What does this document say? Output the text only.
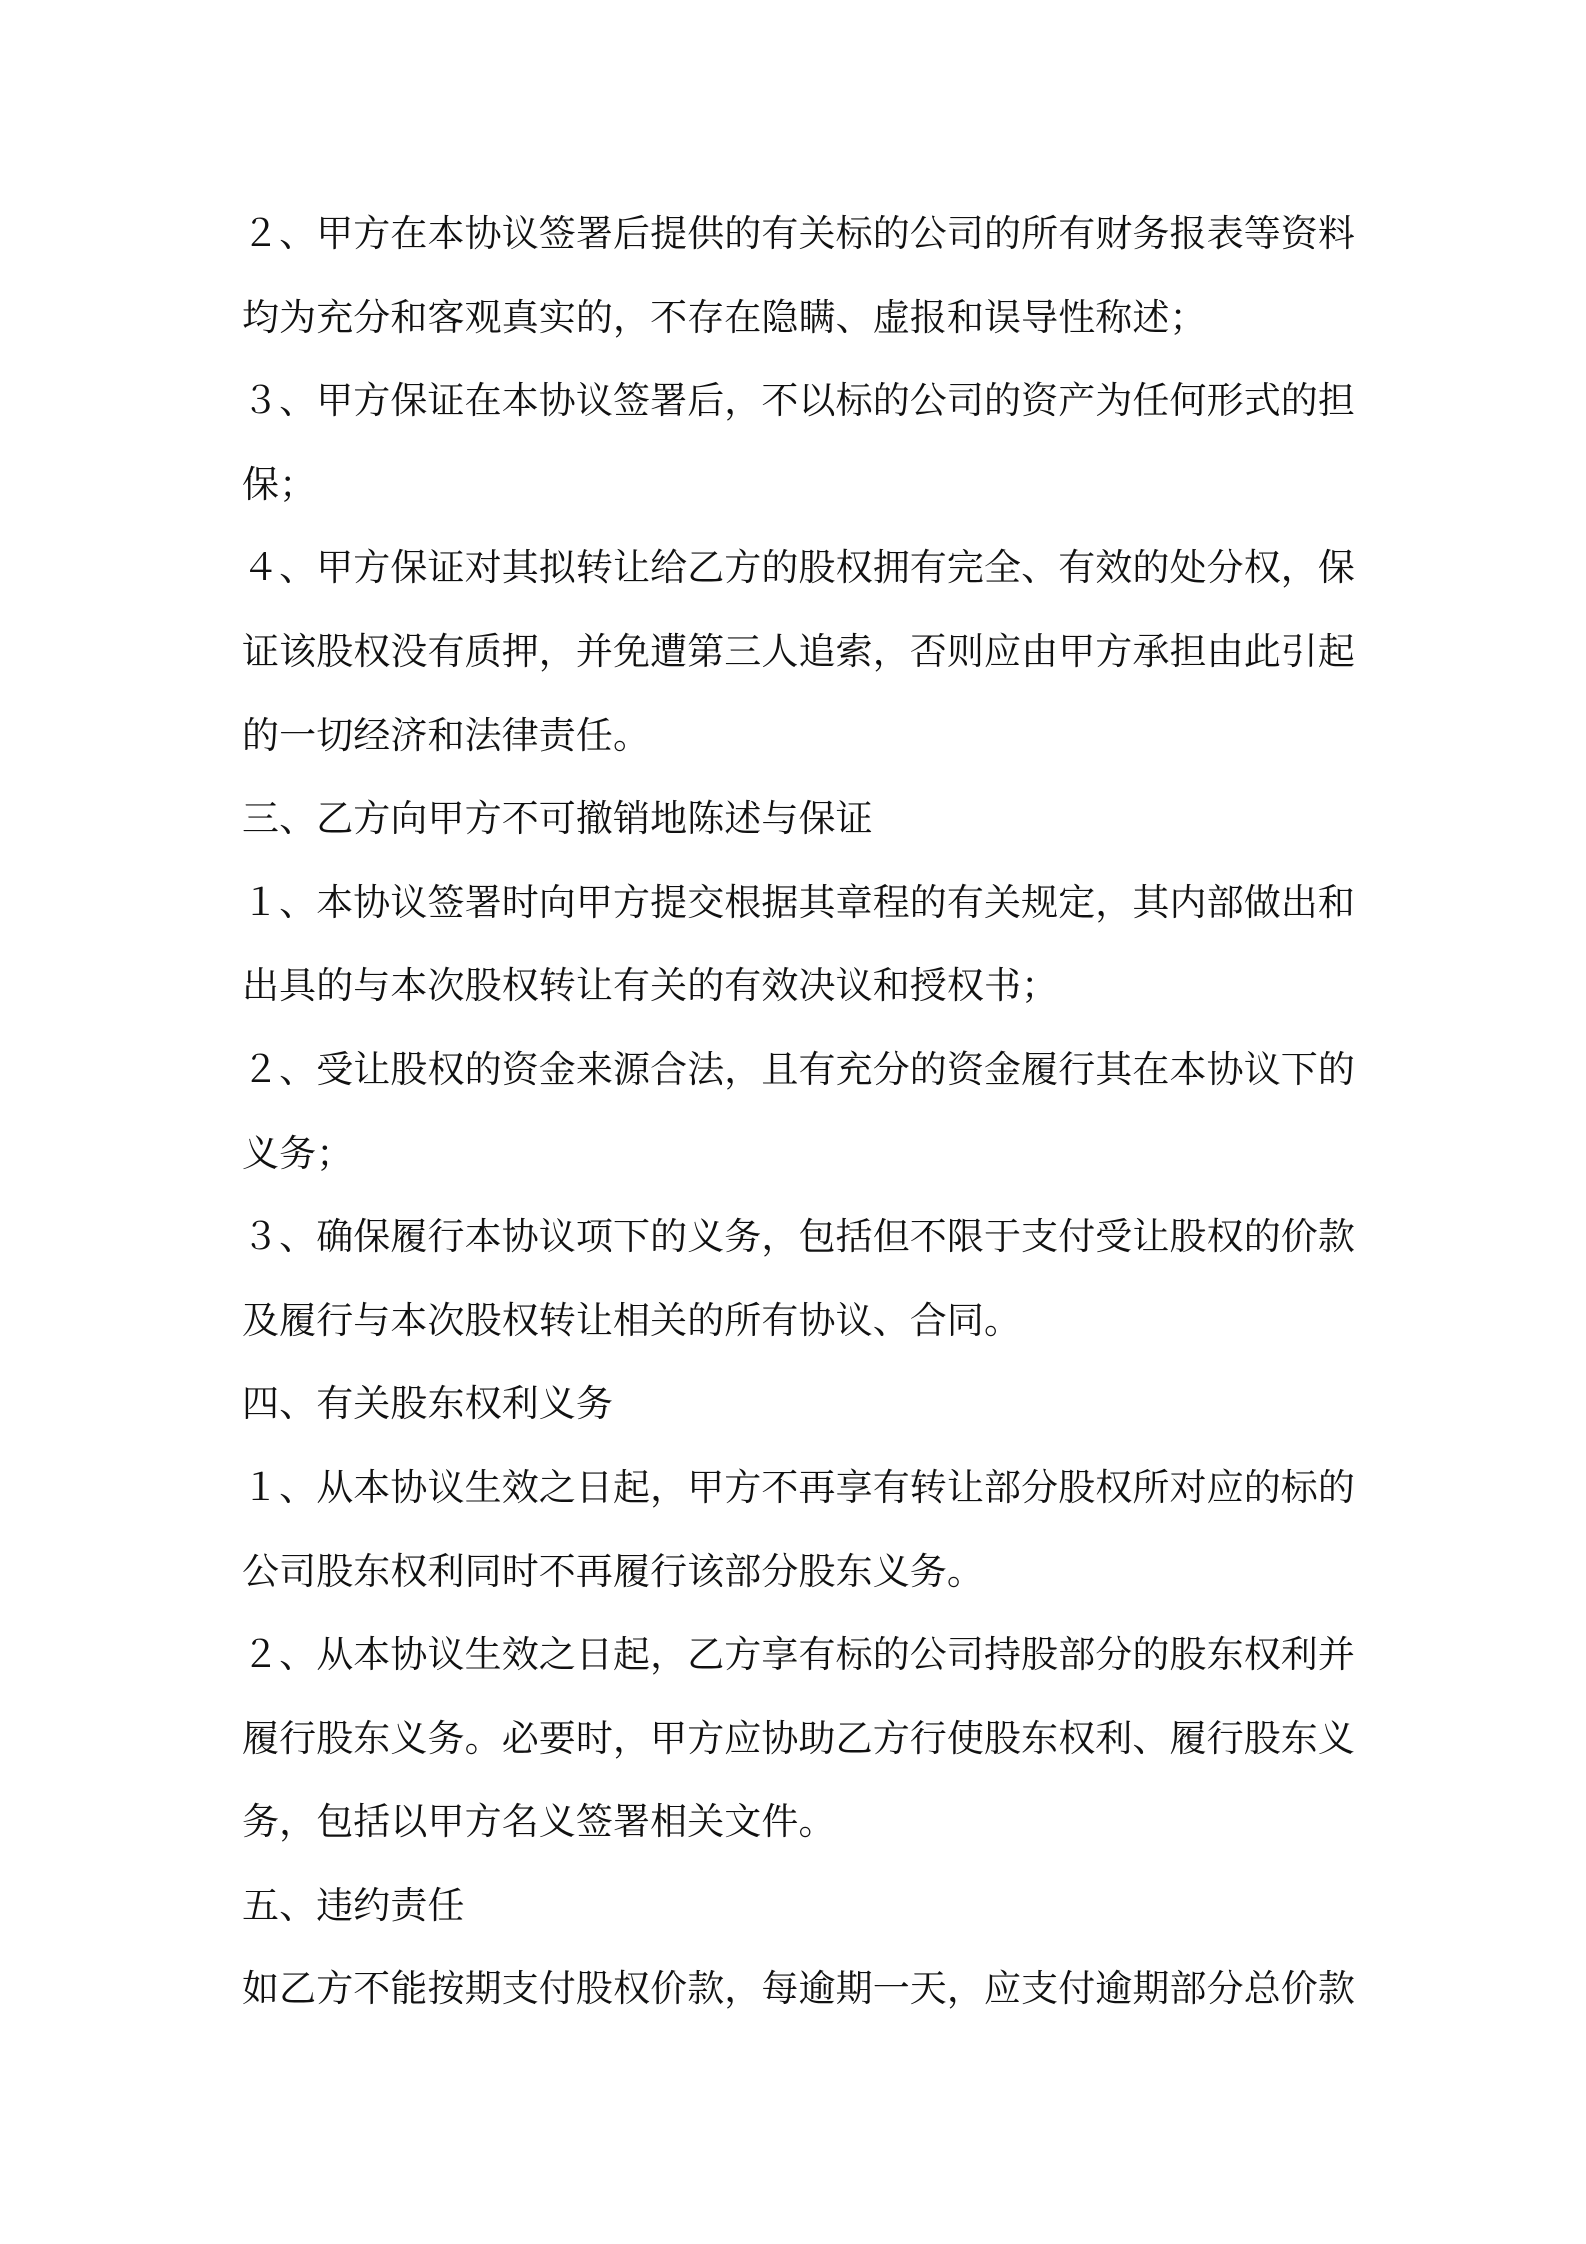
２、甲方在本协议签署后提供的有关标的公司的所有财务报表等资料
均为充分和客观真实的，不存在隐瞒、虚报和误导性称述；
３、甲方保证在本协议签署后，不以标的公司的资产为任何形式的担
保；
４、甲方保证对其拟转让给乙方的股权拥有完全、有效的处分权，保
证该股权没有质押，并免遭第三人追索，否则应由甲方承担由此引起
的一切经济和法律责任。
三、乙方向甲方不可撤销地陈述与保证
１、本协议签署时向甲方提交根据其章程的有关规定，其内部做出和
出具的与本次股权转让有关的有效决议和授权书；
２、受让股权的资金来源合法，且有充分的资金履行其在本协议下的
义务；
３、确保履行本协议项下的义务，包括但不限于支付受让股权的价款
及履行与本次股权转让相关的所有协议、合同。
四、有关股东权利义务
１、从本协议生效之日起，甲方不再享有转让部分股权所对应的标的
公司股东权利同时不再履行该部分股东义务。
２、从本协议生效之日起，乙方享有标的公司持股部分的股东权利并
履行股东义务。必要时，甲方应协助乙方行使股东权利、履行股东义
务，包括以甲方名义签署相关文件。
五、违约责任
如乙方不能按期支付股权价款，每逾期一天，应支付逾期部分总价款
